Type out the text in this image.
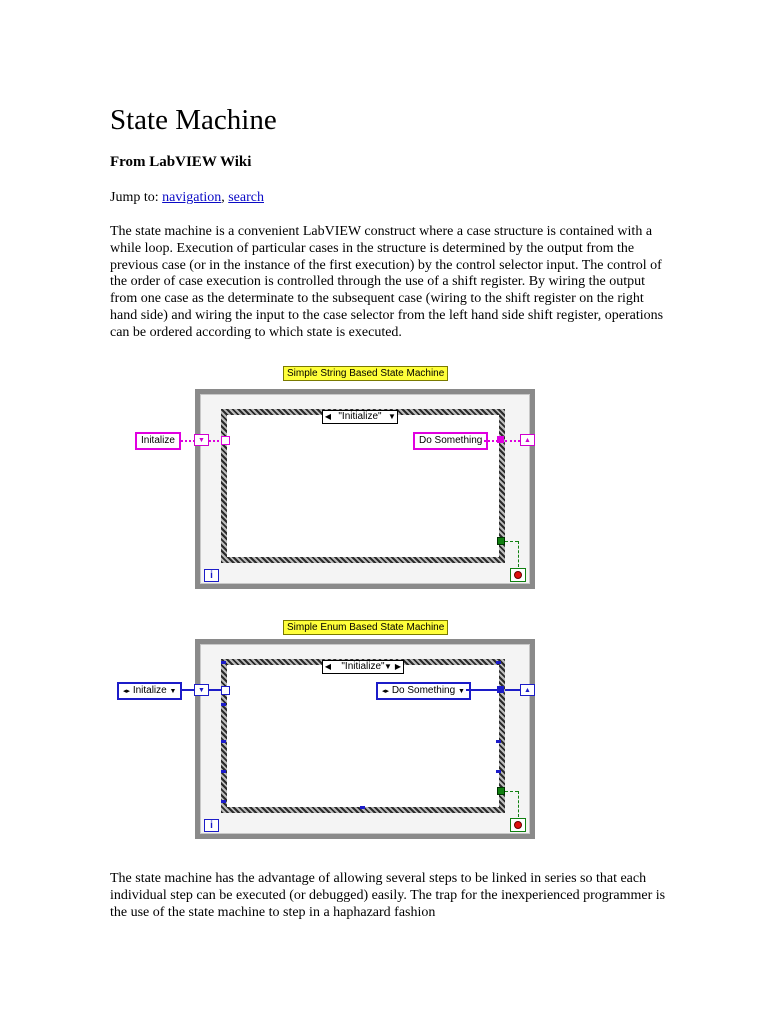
State Machine
From LabVIEW Wiki
Jump to: navigation, search

The state machine is a convenient LabVIEW construct where a case structure is contained with a while loop. Execution of particular cases in the structure is determined by the output from the previous case (or in the instance of the first execution) by the control selector input. The control of the order of case execution is controlled through the use of a shift register. By wiring the output from one case as the determinate to the subsequent case (wiring to the shift register on the right hand side) and wiring the input to the case selector from the left hand side shift register, operations can be ordered according to which state is executed.

The state machine has the advantage of allowing several steps to be linked in series so that each individual step can be executed (or debugged) easily. The trap for the inexperienced programmer is the use of the state machine to step in a haphazard fashion

Simple String Based State Machine
◀ "Initialize" ▼
Initalize	▼	Do Something	▲
i
Simple Enum Based State Machine
◀ "Initialize" ▼ ▶
◂▸ Initalize ▼	▼	◂▸ Do Something ▼	▲
i
